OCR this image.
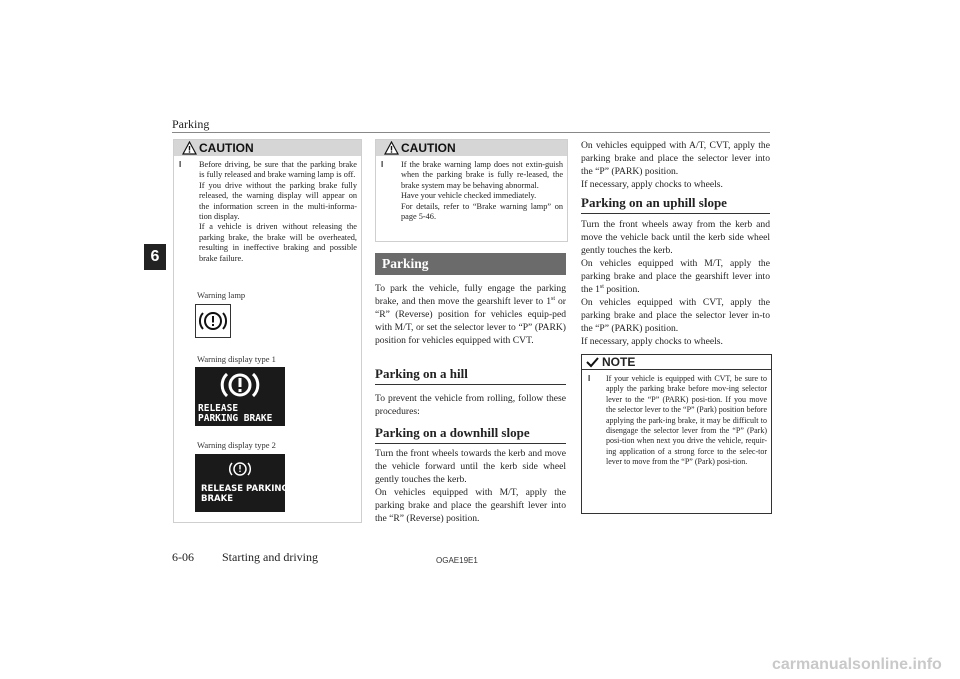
Parking
6
CAUTION
l Before driving, be sure that the parking brake is fully released and brake warning lamp is off.
If you drive without the parking brake fully released, the warning display will appear on the information screen in the multi-informa-tion display.
If a vehicle is driven without releasing the parking brake, the brake will be overheated, resulting in ineffective braking and possible brake failure.
Warning lamp
Warning display type 1
RELEASE
PARKING BRAKE
Warning display type 2
RELEASE PARKING
BRAKE
CAUTION
l If the brake warning lamp does not extin-guish when the parking brake is fully re-leased, the brake system may be behaving abnormal.
Have your vehicle checked immediately.
For details, refer to “Brake warning lamp” on page 5-46.
Parking
To park the vehicle, fully engage the parking brake, and then move the gearshift lever to 1st or “R” (Reverse) position for vehicles equip-ped with M/T, or set the selector lever to “P” (PARK) position for vehicles equipped with CVT.
Parking on a hill
To prevent the vehicle from rolling, follow these procedures:
Parking on a downhill slope
Turn the front wheels towards the kerb and move the vehicle forward until the kerb side wheel gently touches the kerb.
On vehicles equipped with M/T, apply the parking brake and place the gearshift lever into the “R” (Reverse) position.
On vehicles equipped with A/T, CVT, apply the parking brake and place the selector lever into the “P” (PARK) position.
If necessary, apply chocks to wheels.
Parking on an uphill slope
Turn the front wheels away from the kerb and move the vehicle back until the kerb side wheel gently touches the kerb.
On vehicles equipped with M/T, apply the parking brake and place the gearshift lever into the 1st position.
On vehicles equipped with CVT, apply the parking brake and place the selector lever in-to the “P” (PARK) position.
If necessary, apply chocks to wheels.
NOTE
l If your vehicle is equipped with CVT, be sure to apply the parking brake before mov-ing selector lever to the “P” (PARK) posi-tion. If you move the selector lever to the “P” (Park) position before applying the park-ing brake, it may be difficult to disengage the selector lever from the “P” (Park) posi-tion when next you drive the vehicle, requir-ing application of a strong force to the selec-tor lever to move from the “P” (Park) posi-tion.
6-06 Starting and driving	OGAE19E1
carmanualsonline.info
